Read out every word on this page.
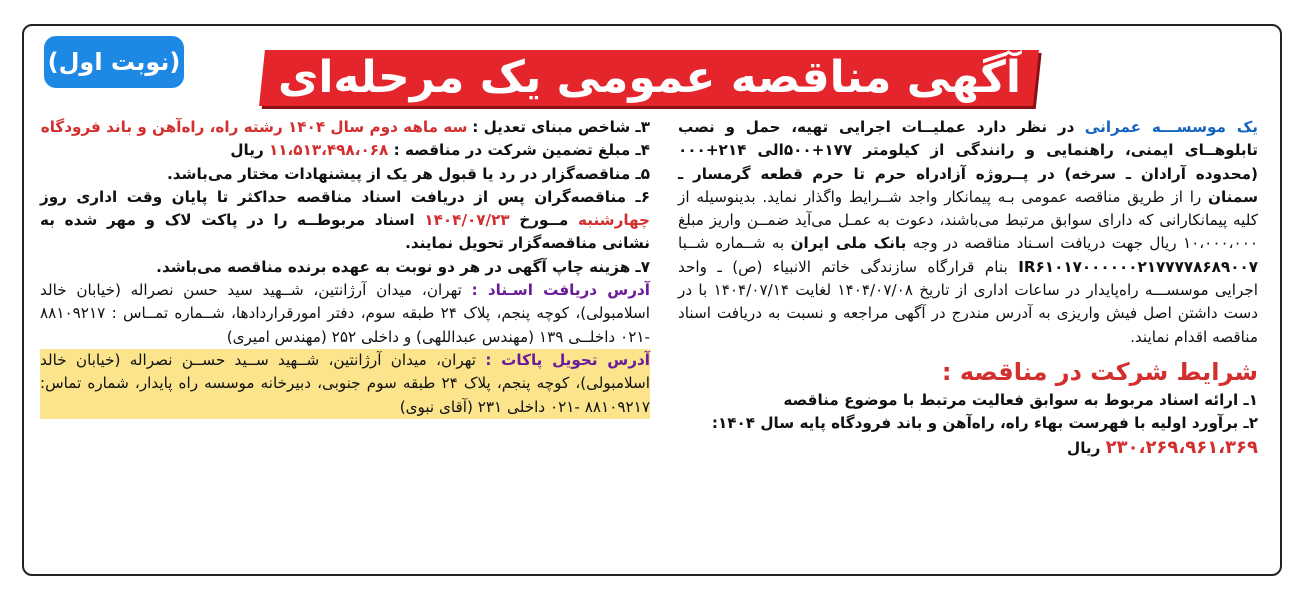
(نوبت اول)	آگهی مناقصه عمومی یک مرحله‌ای
یک موسســـه عمرانی در نظر دارد عملیــات اجرایی تهیه، حمل و نصب تابلوهــای ایمنی، راهنمایی و رانندگی از کیلومتر ۱۷۷+۵۰۰الی ۲۱۴+۰۰۰ (محدوده آرادان ـ سرخه) در پــروژه آزادراه حرم تا حرم قطعه گرمسار ـ سمنان را از طریق مناقصه عمومی بـه پیمانکار واجد شــرایط واگذار نماید. بدینوسیله از کلیه پیمانکارانی که دارای سوابق مرتبط می‌باشند، دعوت به عمـل می‌آید ضمــن واریز مبلغ ۱۰،۰۰۰،۰۰۰ ریال جهت دریافت اسـناد مناقصه در وجه بانک ملی ایران به شــماره شــبا IR۶۱۰۱۷۰۰۰۰۰۰۲۱۷۷۷۷۸۶۸۹۰۰۷ بنام قرارگاه سازندگی خاتم الانبیاء (ص) ـ واحد اجرایی موسســـه راه‌پایدار در ساعات اداری از تاریخ ۱۴۰۴/۰۷/۰۸ لغایت ۱۴۰۴/۰۷/۱۴ با در دست داشتن اصل فیش واریزی به آدرس مندرج در آگهی مراجعه و نسبت به دریافت اسناد مناقصه اقدام نمایند.
شرایط شرکت در مناقصه :
۱ـ ارائه اسناد مربوط به سوابق فعالیت مرتبط با موضوع مناقصه
۲ـ برآورد اولیه با فهرست بهاء راه، راه‌آهن و باند فرودگاه پایه سال ۱۴۰۴:
۲۳۰،۲۶۹،۹۶۱،۳۶۹ ریال
۳ـ شاخص مبنای تعدیل : سه ماهه دوم سال ۱۴۰۴ رشته راه، راه‌آهن و باند فرودگاه
۴ـ مبلغ تضمین شرکت در مناقصه : ۱۱،۵۱۳،۴۹۸،۰۶۸ ریال
۵ـ مناقصه‌گزار در رد یا قبول هر یک از پیشنهادات مختار می‌باشد.
۶ـ مناقصه‌گران پس از دریافت اسناد مناقصه حداکثر تا پایان وقت اداری روز چهارشنبه مــورخ ۱۴۰۴/۰۷/۲۳ اسناد مربوطــه را در پاکت لاک و مهر شده به نشانی مناقصه‌گزار تحویل نمایند.
۷ـ هزینه چاپ آگهی در هر دو نوبت به عهده برنده مناقصه می‌باشد.
آدرس دریافت اسـناد : تهران، میدان آرژانتین، شــهید سید حسن نصراله (خیابان خالد اسلامبولی)، کوچه پنجم، پلاک ۲۴ طبقه سوم، دفتر امورقراردادها، شــماره تمــاس : ۸۸۱۰۹۲۱۷ -۰۲۱ داخلــی ۱۳۹ (مهندس عبداللهی) و داخلی ۲۵۲ (مهندس امیری)
آدرس تحویل پاکات : تهران، میدان آرژانتین، شــهید ســید حســن نصراله (خیابان خالد اسلامبولی)، کوچه پنجم، پلاک ۲۴ طبقه سوم جنوبی، دبیرخانه موسسه راه پایدار، شماره تماس: ۸۸۱۰۹۲۱۷ -۰۲۱ داخلی ۲۳۱ (آقای نبوی)
